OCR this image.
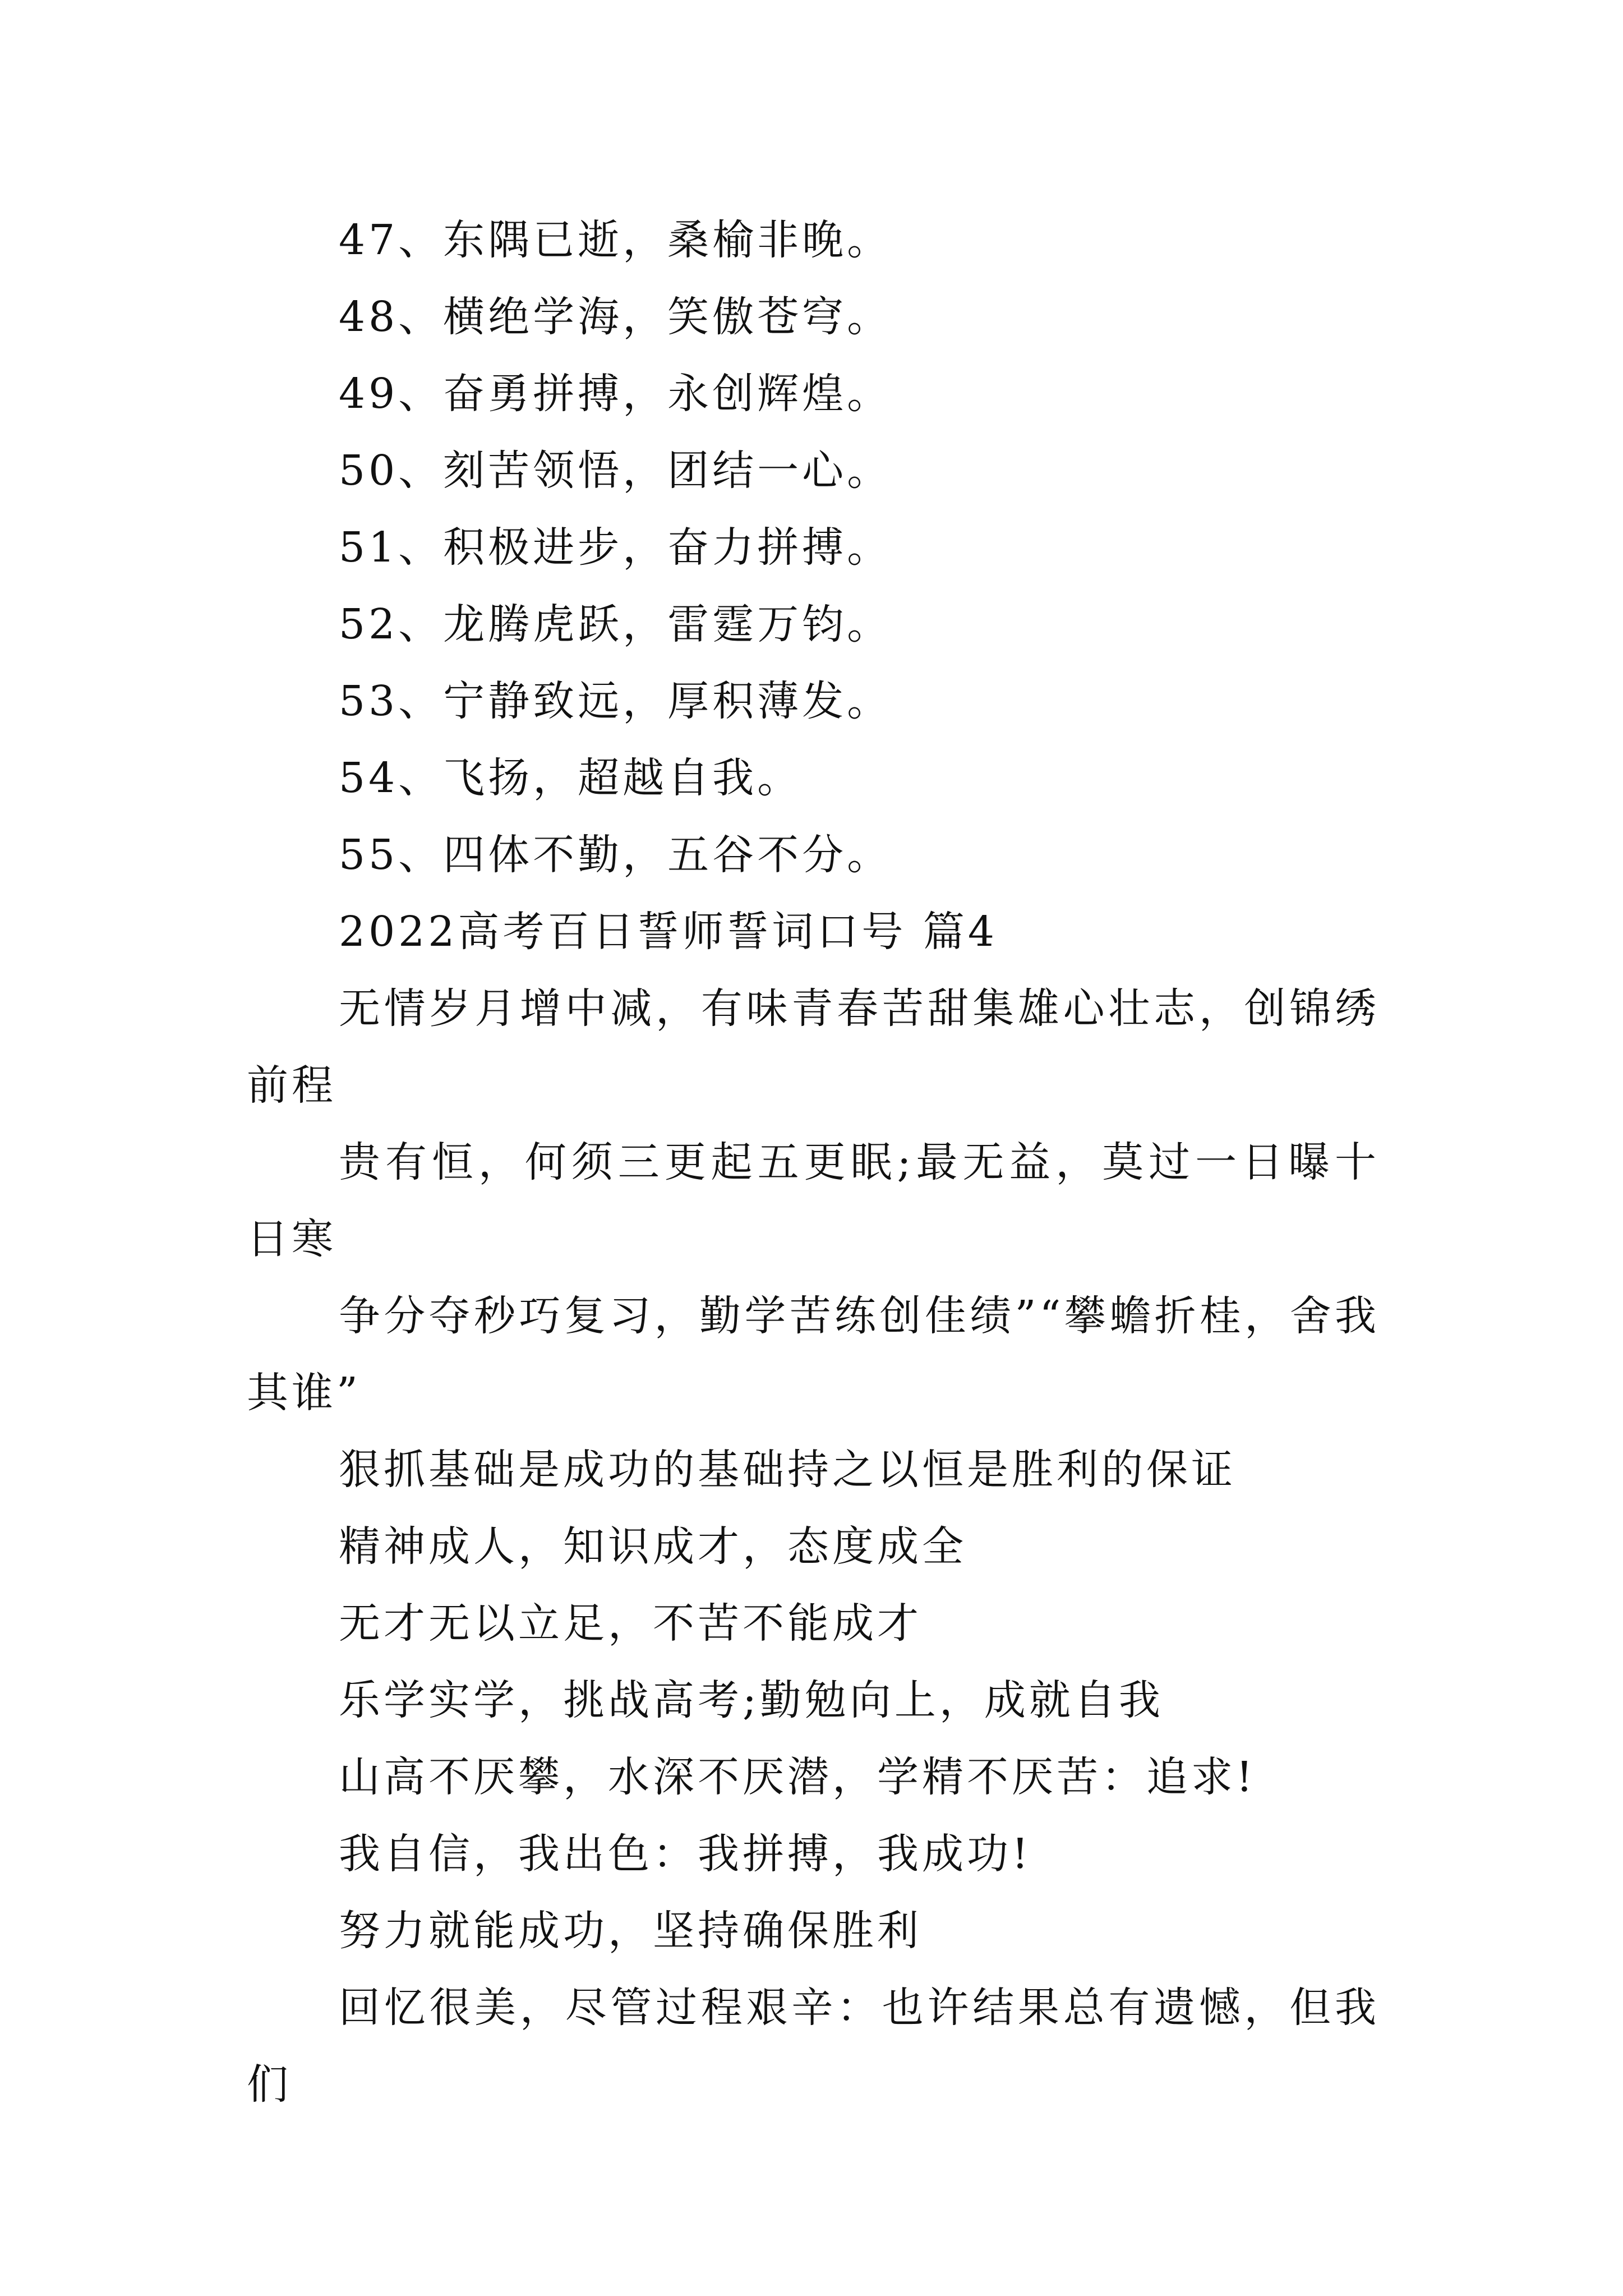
47、东隅已逝，桑榆非晚。
48、横绝学海，笑傲苍穹。
49、奋勇拼搏，永创辉煌。
50、刻苦领悟，团结一心。
51、积极进步，奋力拼搏。
52、龙腾虎跃，雷霆万钧。
53、宁静致远，厚积薄发。
54、飞扬，超越自我。
55、四体不勤，五谷不分。
2022高考百日誓师誓词口号 篇4
无情岁月增中减，有味青春苦甜集雄心壮志，创锦绣前程
贵有恒，何须三更起五更眠;最无益，莫过一日曝十日寒
争分夺秒巧复习，勤学苦练创佳绩”“攀蟾折桂，舍我其谁”
狠抓基础是成功的基础持之以恒是胜利的保证
精神成人，知识成才，态度成全
无才无以立足，不苦不能成才
乐学实学，挑战高考;勤勉向上，成就自我
山高不厌攀，水深不厌潜，学精不厌苦：追求!
我自信，我出色：我拼搏，我成功!
努力就能成功，坚持确保胜利
回忆很美，尽管过程艰辛：也许结果总有遗憾，但我们
